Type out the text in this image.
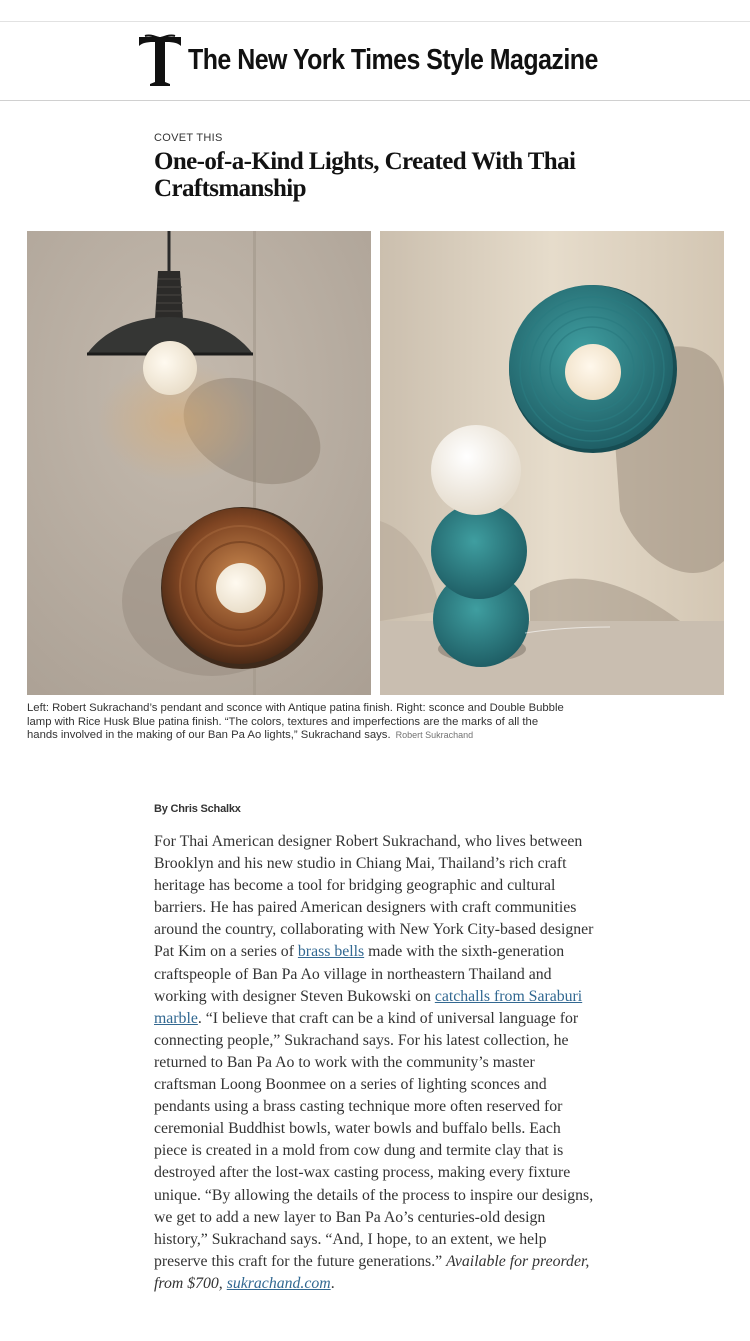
The New York Times Style Magazine
COVET THIS
One-of-a-Kind Lights, Created With Thai Craftsmanship

Left: Robert Sukrachand’s pendant and sconce with Antique patina finish. Right: sconce and Double Bubble lamp with Rice Husk Blue patina finish. “The colors, textures and imperfections are the marks of all the hands involved in the making of our Ban Pa Ao lights,” Sukrachand says. Robert Sukrachand

By Chris Schalkx

For Thai American designer Robert Sukrachand, who lives between Brooklyn and his new studio in Chiang Mai, Thailand’s rich craft heritage has become a tool for bridging geographic and cultural barriers. He has paired American designers with craft communities around the country, collaborating with New York City-based designer Pat Kim on a series of brass bells made with the sixth-generation craftspeople of Ban Pa Ao village in northeastern Thailand and working with designer Steven Bukowski on catchalls from Saraburi marble. “I believe that craft can be a kind of universal language for connecting people,” Sukrachand says. For his latest collection, he returned to Ban Pa Ao to work with the community’s master craftsman Loong Boonmee on a series of lighting sconces and pendants using a brass casting technique more often reserved for ceremonial Buddhist bowls, water bowls and buffalo bells. Each piece is created in a mold from cow dung and termite clay that is destroyed after the lost-wax casting process, making every fixture unique. “By allowing the details of the process to inspire our designs, we get to add a new layer to Ban Pa Ao’s centuries-old design history,” Sukrachand says. “And, I hope, to an extent, we help preserve this craft for the future generations.” Available for preorder, from $700, sukrachand.com.
